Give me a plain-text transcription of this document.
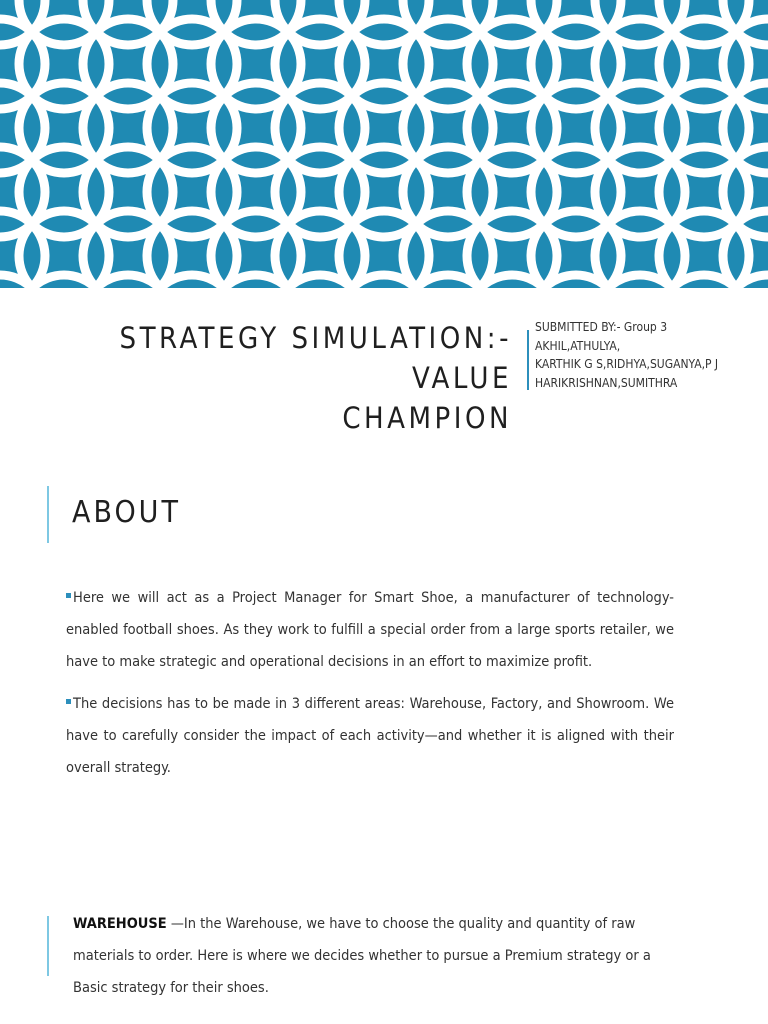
STRATEGY SIMULATION:- VALUE
CHAMPION
SUBMITTED BY:- Group 3
AKHIL,ATHULYA,
KARTHIK G S,RIDHYA,SUGANYA,P J
HARIKRISHNAN,SUMITHRA
ABOUT
Here we will act as a Project Manager for Smart Shoe, a manufacturer of technology-enabled football shoes. As they work to fulfill a special order from a large sports retailer, we have to make strategic and operational decisions in an effort to maximize profit.
The decisions has to be made in 3 different areas: Warehouse, Factory, and Showroom. We have to carefully consider the impact of each activity—and whether it is aligned with their overall strategy.
WAREHOUSE —In the Warehouse, we have to choose the quality and quantity of raw materials to order. Here is where we decides whether to pursue a Premium strategy or a Basic strategy for their shoes.
